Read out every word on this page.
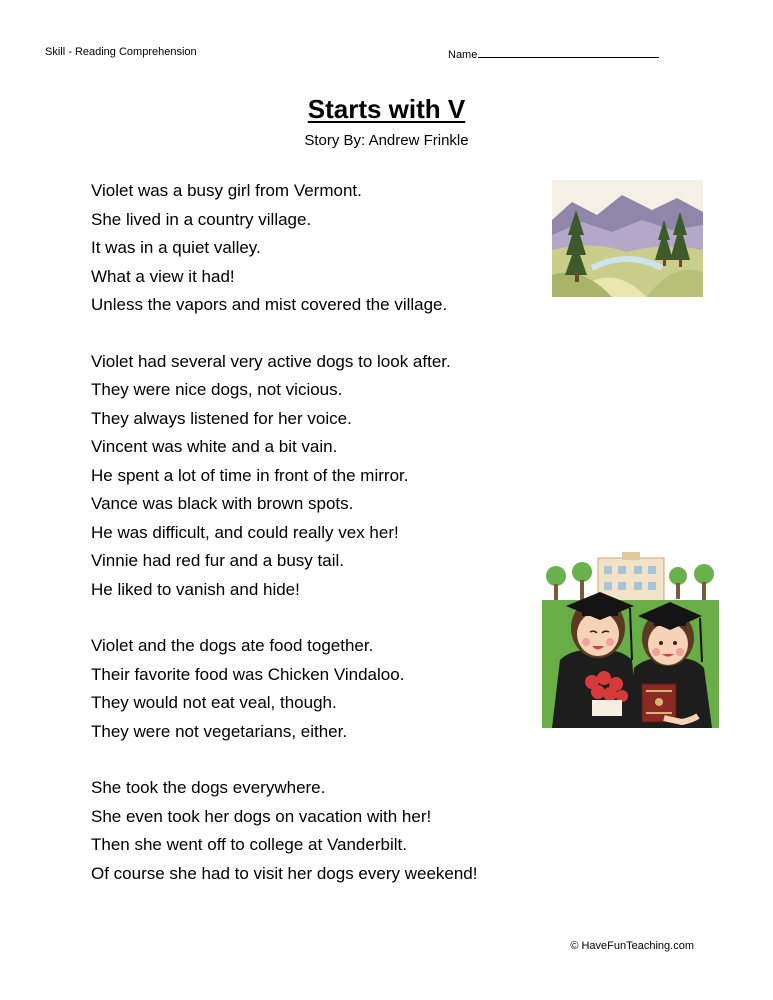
Skill - Reading Comprehension	Name
Starts with V
Story By: Andrew Frinkle
Violet was a busy girl from Vermont.
She lived in a country village.
It was in a quiet valley.
What a view it had!
Unless the vapors and mist covered the village.
Violet had several very active dogs to look after.
They were nice dogs, not vicious.
They always listened for her voice.
Vincent was white and a bit vain.
He spent a lot of time in front of the mirror.
Vance was black with brown spots.
He was difficult, and could really vex her!
Vinnie had red fur and a busy tail.
He liked to vanish and hide!
Violet and the dogs ate food together.
Their favorite food was Chicken Vindaloo.
They would not eat veal, though.
They were not vegetarians, either.
She took the dogs everywhere.
She even took her dogs on vacation with her!
Then she went off to college at Vanderbilt.
Of course she had to visit her dogs every weekend!
© HaveFunTeaching.com
